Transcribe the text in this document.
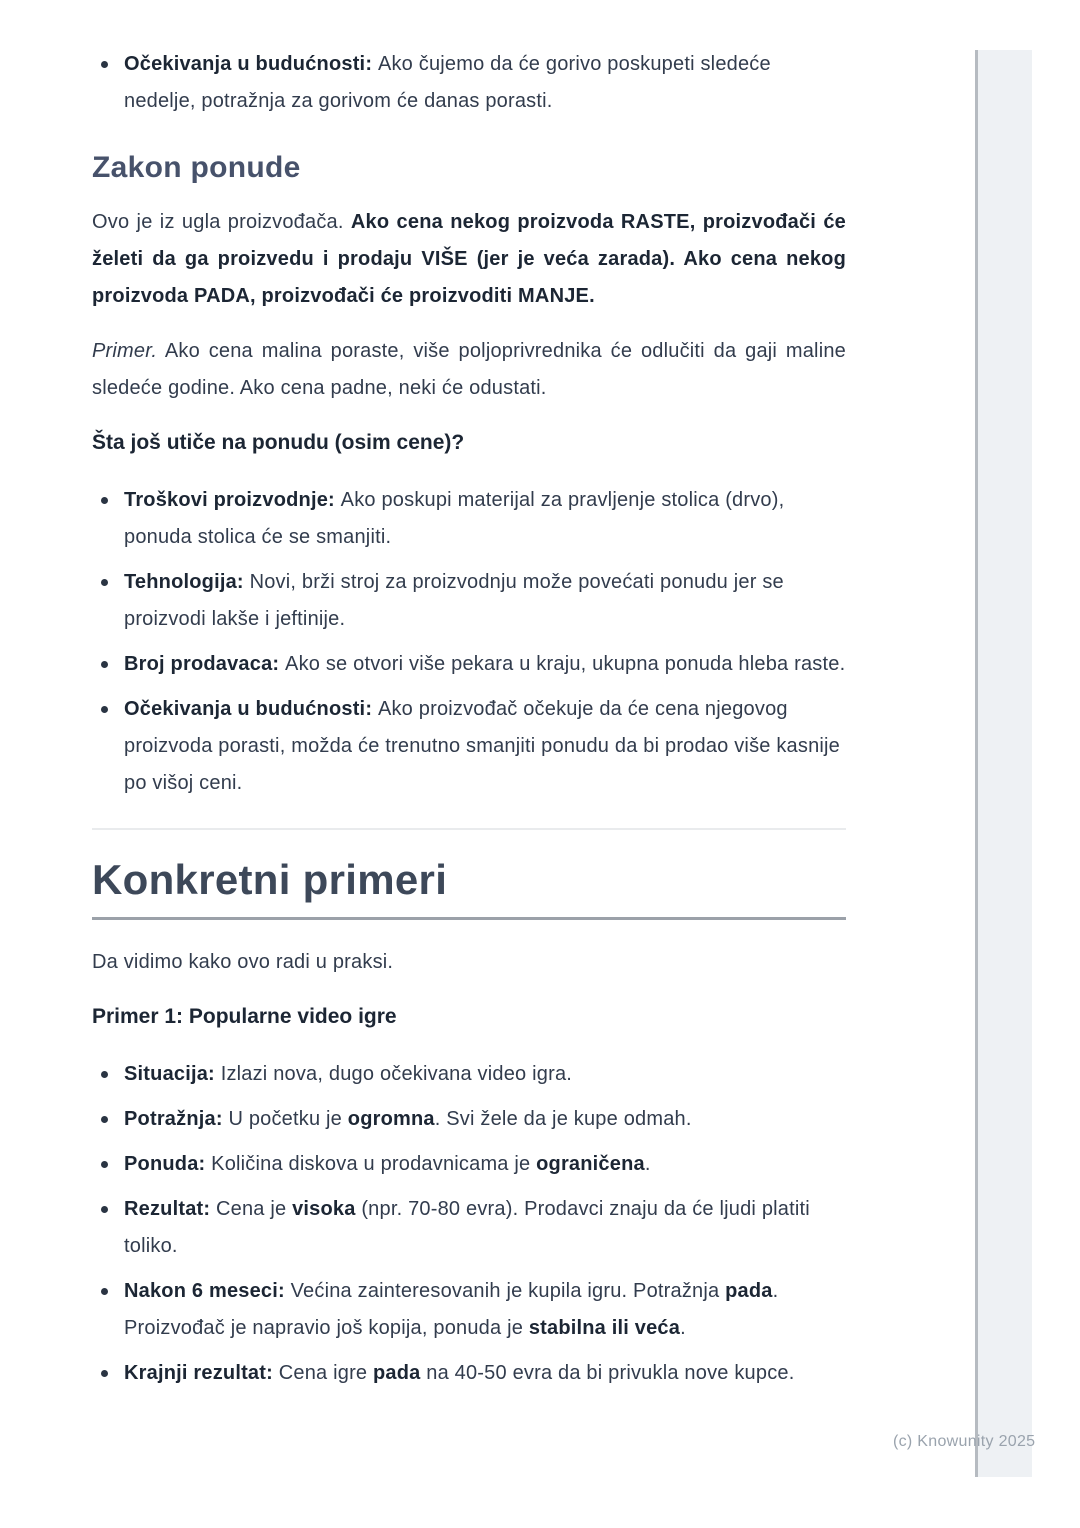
Očekivanja u budućnosti: Ako čujemo da će gorivo poskupeti sledeće nedelje, potražnja za gorivom će danas porasti.
Zakon ponude

Ovo je iz ugla proizvođača. Ako cena nekog proizvoda RASTE, proizvođači će želeti da ga proizvedu i prodaju VIŠE (jer je veća zarada). Ako cena nekog proizvoda PADA, proizvođači će proizvoditi MANJE.

Primer. Ako cena malina poraste, više poljoprivrednika će odlučiti da gaji maline sledeće godine. Ako cena padne, neki će odustati.

Šta još utiče na ponudu (osim cene)?
Troškovi proizvodnje: Ako poskupi materijal za pravljenje stolica (drvo), ponuda stolica će se smanjiti.
Tehnologija: Novi, brži stroj za proizvodnju može povećati ponudu jer se proizvodi lakše i jeftinije.
Broj prodavaca: Ako se otvori više pekara u kraju, ukupna ponuda hleba raste.
Očekivanja u budućnosti: Ako proizvođač očekuje da će cena njegovog proizvoda porasti, možda će trenutno smanjiti ponudu da bi prodao više kasnije po višoj ceni.
Konkretni primeri

Da vidimo kako ovo radi u praksi.

Primer 1: Popularne video igre
Situacija: Izlazi nova, dugo očekivana video igra.
Potražnja: U početku je ogromna. Svi žele da je kupe odmah.
Ponuda: Količina diskova u prodavnicama je ograničena.
Rezultat: Cena je visoka (npr. 70-80 evra). Prodavci znaju da će ljudi platiti toliko.
Nakon 6 meseci: Većina zainteresovanih je kupila igru. Potražnja pada. Proizvođač je napravio još kopija, ponuda je stabilna ili veća.
Krajnji rezultat: Cena igre pada na 40-50 evra da bi privukla nove kupce.
(c) Knowunity 2025
